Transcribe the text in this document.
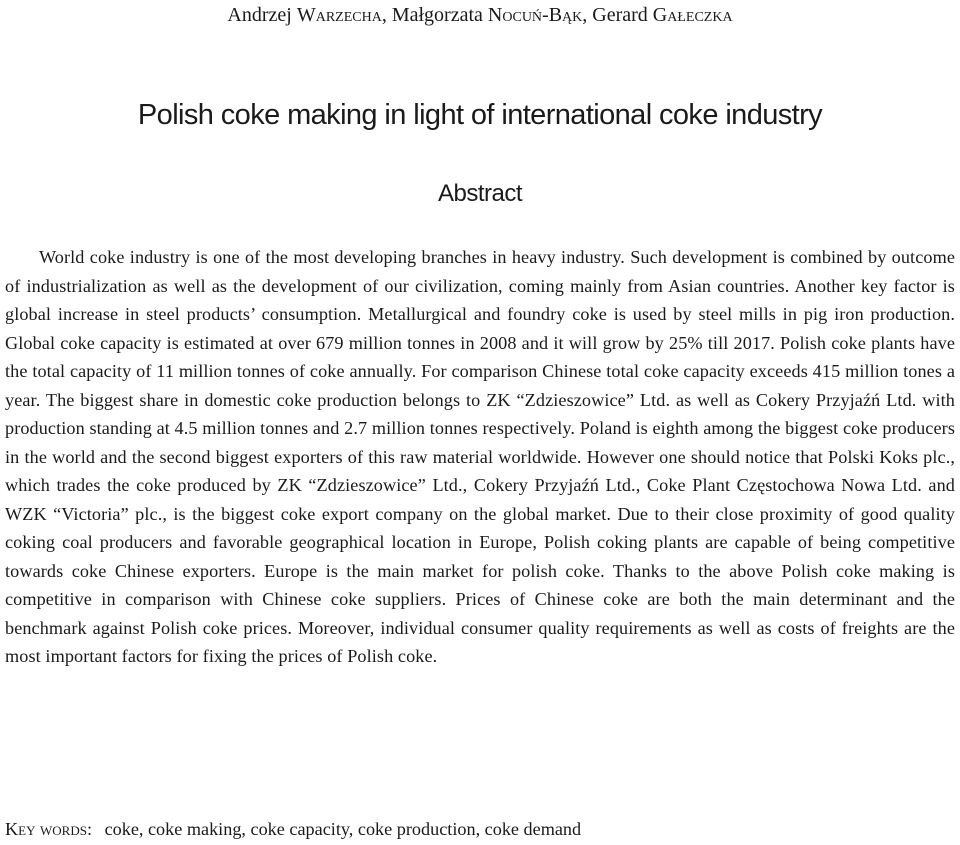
Andrzej Warzecha, Małgorzata Nocuń-Bąk, Gerard Gałeczka
Polish coke making in light of international coke industry
Abstract

World coke industry is one of the most developing branches in heavy industry. Such development is combined by outcome of industrialization as well as the development of our civilization, coming mainly from Asian countries. Another key factor is global increase in steel products’ consumption. Metallurgical and foundry coke is used by steel mills in pig iron production. Global coke capacity is estimated at over 679 million tonnes in 2008 and it will grow by 25% till 2017. Polish coke plants have the total capacity of 11 million tonnes of coke annually. For comparison Chinese total coke capacity exceeds 415 million tones a year. The biggest share in domestic coke production belongs to ZK “Zdzieszowice” Ltd. as well as Cokery Przyjaźń Ltd. with production standing at 4.5 million tonnes and 2.7 million tonnes respectively. Poland is eighth among the biggest coke producers in the world and the second biggest exporters of this raw material worldwide. However one should notice that Polski Koks plc., which trades the coke produced by ZK “Zdzieszowice” Ltd., Cokery Przyjaźń Ltd., Coke Plant Częstochowa Nowa Ltd. and WZK “Victoria” plc., is the biggest coke export company on the global market. Due to their close proximity of good quality coking coal producers and favorable geographical location in Europe, Polish coking plants are capable of being competitive towards coke Chinese exporters. Europe is the main market for polish coke. Thanks to the above Polish coke making is competitive in comparison with Chinese coke suppliers. Prices of Chinese coke are both the main determinant and the benchmark against Polish coke prices. Moreover, individual consumer quality requirements as well as costs of freights are the most important factors for fixing the prices of Polish coke.

Key words: coke, coke making, coke capacity, coke production, coke demand
